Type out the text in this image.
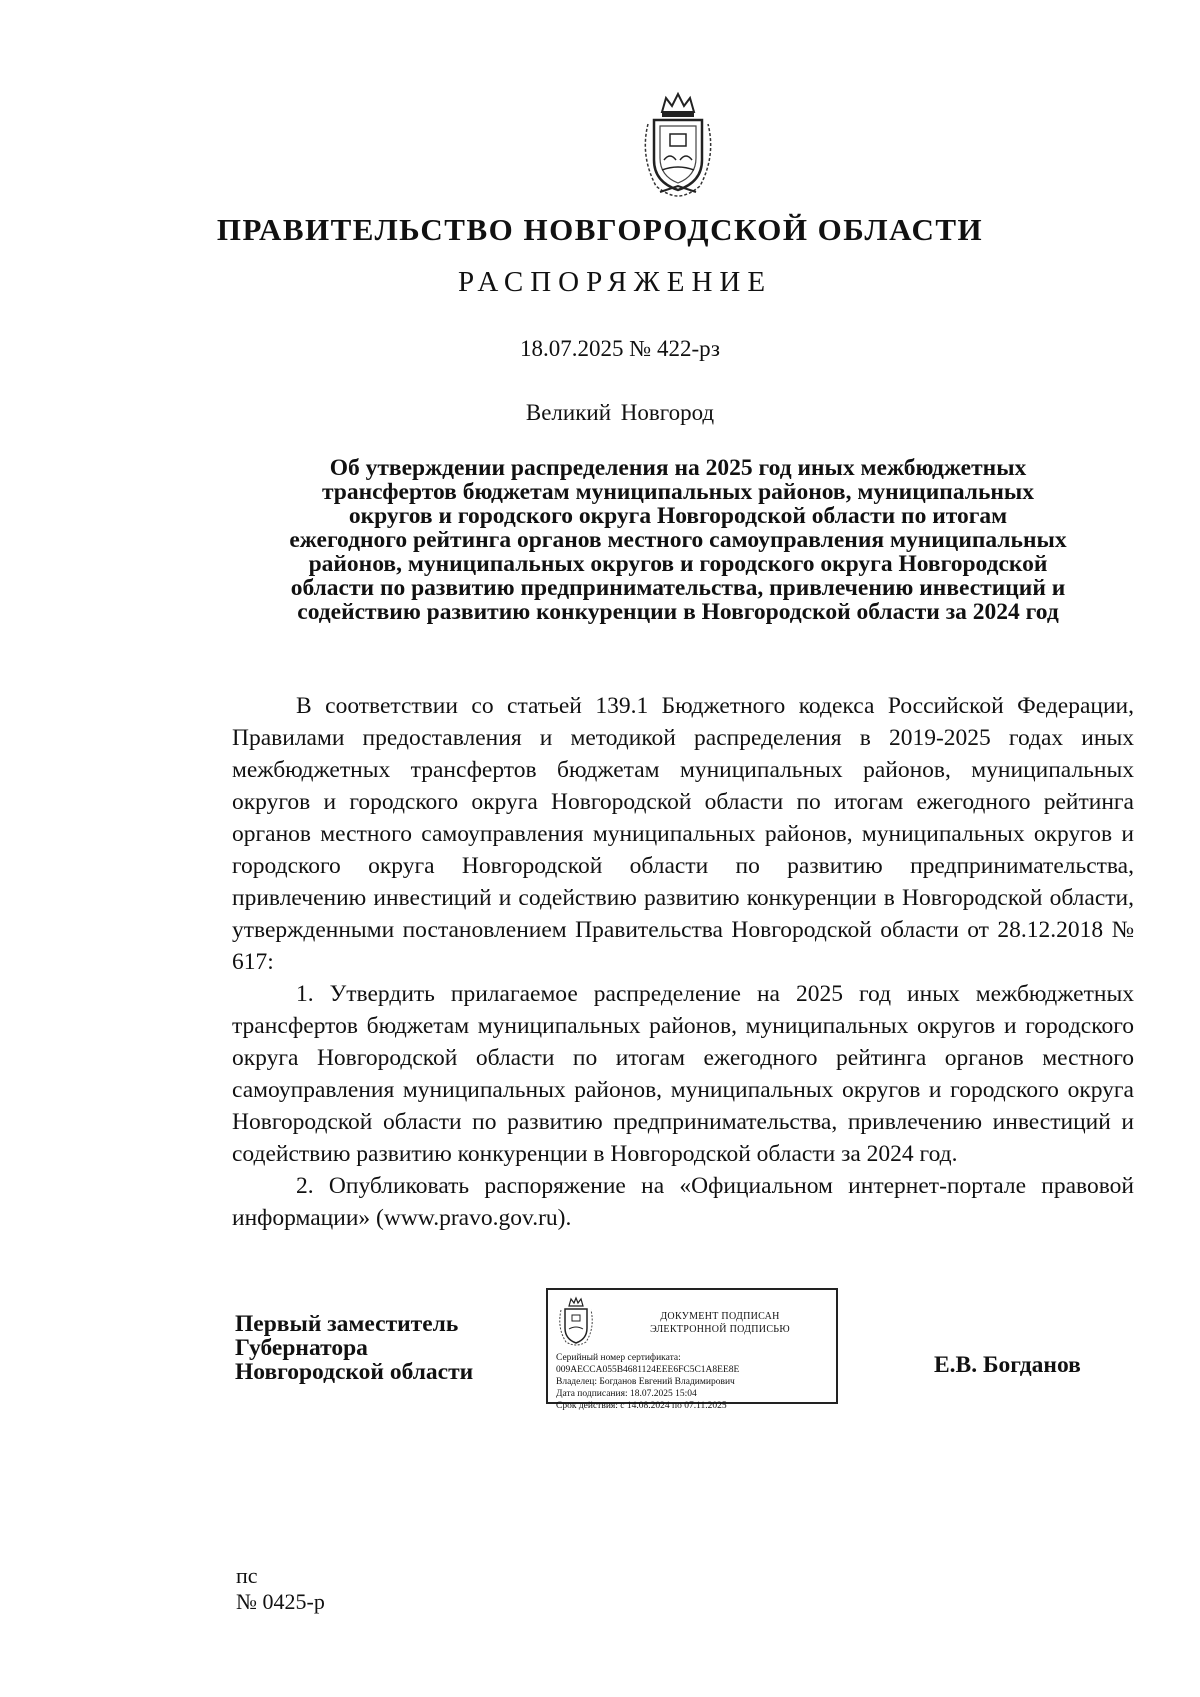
ПРАВИТЕЛЬСТВО НОВГОРОДСКОЙ ОБЛАСТИ
РАСПОРЯЖЕНИЕ
18.07.2025 № 422-рз
Великий Новгород
Об утверждении распределения на 2025 год иных межбюджетных
трансфертов бюджетам муниципальных районов, муниципальных
округов и городского округа Новгородской области по итогам
ежегодного рейтинга органов местного самоуправления муниципальных
районов, муниципальных округов и городского округа Новгородской
области по развитию предпринимательства, привлечению инвестиций и
содействию развитию конкуренции в Новгородской области за 2024 год

В соответствии со статьей 139.1 Бюджетного кодекса Российской Федерации, Правилами предоставления и методикой распределения в 2019-2025 годах иных межбюджетных трансфертов бюджетам муниципальных районов, муниципальных округов и городского округа Новгородской области по итогам ежегодного рейтинга органов местного самоуправления муниципальных районов, муниципальных округов и городского округа Новгородской области по развитию предпринимательства, привлечению инвестиций и содействию развитию конкуренции в Новгородской области, утвержденными постановлением Правительства Новгородской области от 28.12.2018 № 617:

1. Утвердить прилагаемое распределение на 2025 год иных межбюджетных трансфертов бюджетам муниципальных районов, муниципальных округов и городского округа Новгородской области по итогам ежегодного рейтинга органов местного самоуправления муниципальных районов, муниципальных округов и городского округа Новгородской области по развитию предпринимательства, привлечению инвестиций и содействию развитию конкуренции в Новгородской области за 2024 год.

2. Опубликовать распоряжение на «Официальном интернет-портале правовой информации» (www.pravo.gov.ru).

Первый заместитель
Губернатора
Новгородской области
ДОКУМЕНТ ПОДПИСАН
ЭЛЕКТРОННОЙ ПОДПИСЬЮ
Серийный номер сертификата:
009AECCA055B4681124EEE6FC5C1A8EE8E
Владелец: Богданов Евгений Владимирович
Дата подписания: 18.07.2025 15:04
Срок действия: с 14.08.2024 по 07.11.2025
Е.В. Богданов
пс
№ 0425-р
